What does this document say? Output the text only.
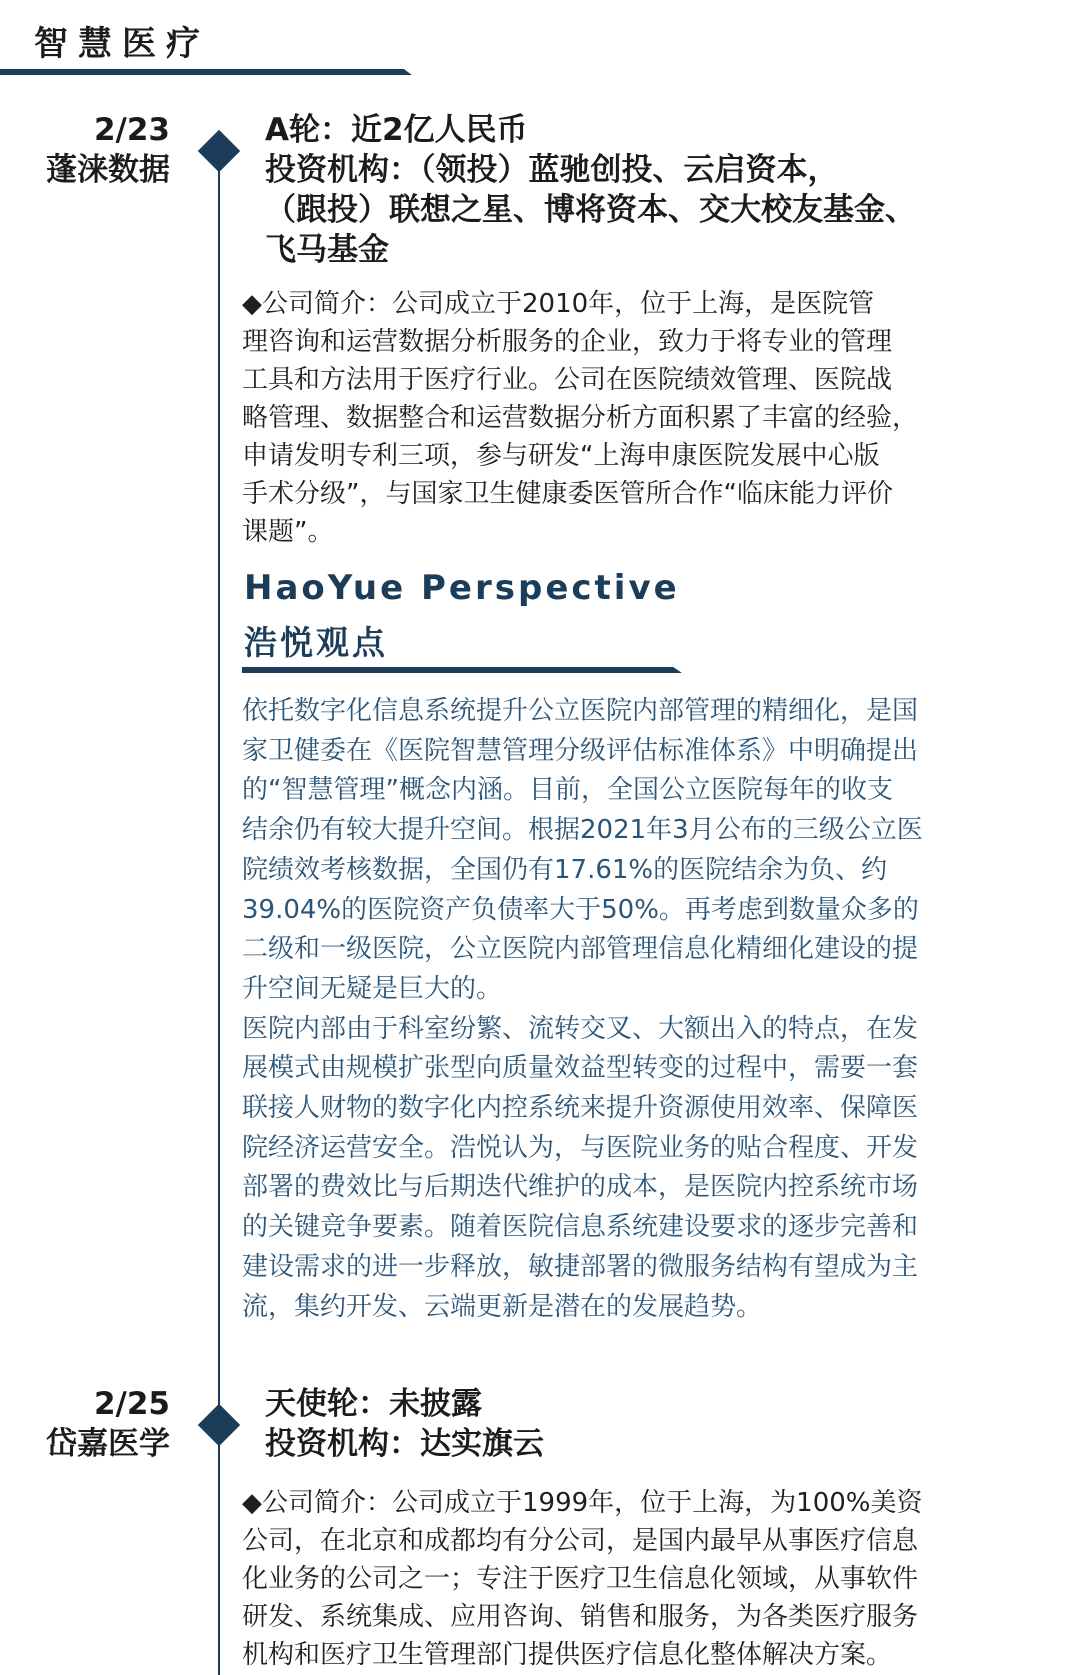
智慧医疗
2/23
蓬涞数据
A轮：近2亿人民币
投资机构：（领投）蓝驰创投、云启资本，
（跟投）联想之星、博将资本、交大校友基金、
飞马基金
◆公司简介：公司成立于2010年，位于上海，是医院管
理咨询和运营数据分析服务的企业，致力于将专业的管理
工具和方法用于医疗行业。公司在医院绩效管理、医院战
略管理、数据整合和运营数据分析方面积累了丰富的经验，
申请发明专利三项，参与研发“上海申康医院发展中心版
手术分级”，与国家卫生健康委医管所合作“临床能力评价
课题”。
HaoYue Perspective
浩悦观点
依托数字化信息系统提升公立医院内部管理的精细化，是国
家卫健委在《医院智慧管理分级评估标准体系》中明确提出
的“智慧管理”概念内涵。目前，全国公立医院每年的收支
结余仍有较大提升空间。根据2021年3月公布的三级公立医
院绩效考核数据，全国仍有17.61%的医院结余为负、约
39.04%的医院资产负债率大于50%。再考虑到数量众多的
二级和一级医院，公立医院内部管理信息化精细化建设的提
升空间无疑是巨大的。
医院内部由于科室纷繁、流转交叉、大额出入的特点，在发
展模式由规模扩张型向质量效益型转变的过程中，需要一套
联接人财物的数字化内控系统来提升资源使用效率、保障医
院经济运营安全。浩悦认为，与医院业务的贴合程度、开发
部署的费效比与后期迭代维护的成本，是医院内控系统市场
的关键竞争要素。随着医院信息系统建设要求的逐步完善和
建设需求的进一步释放，敏捷部署的微服务结构有望成为主
流，集约开发、云端更新是潜在的发展趋势。
2/25
岱嘉医学
天使轮：未披露
投资机构：达实旗云
◆公司简介：公司成立于1999年，位于上海，为100%美资
公司，在北京和成都均有分公司，是国内最早从事医疗信息
化业务的公司之一；专注于医疗卫生信息化领域，从事软件
研发、系统集成、应用咨询、销售和服务，为各类医疗服务
机构和医疗卫生管理部门提供医疗信息化整体解决方案。
